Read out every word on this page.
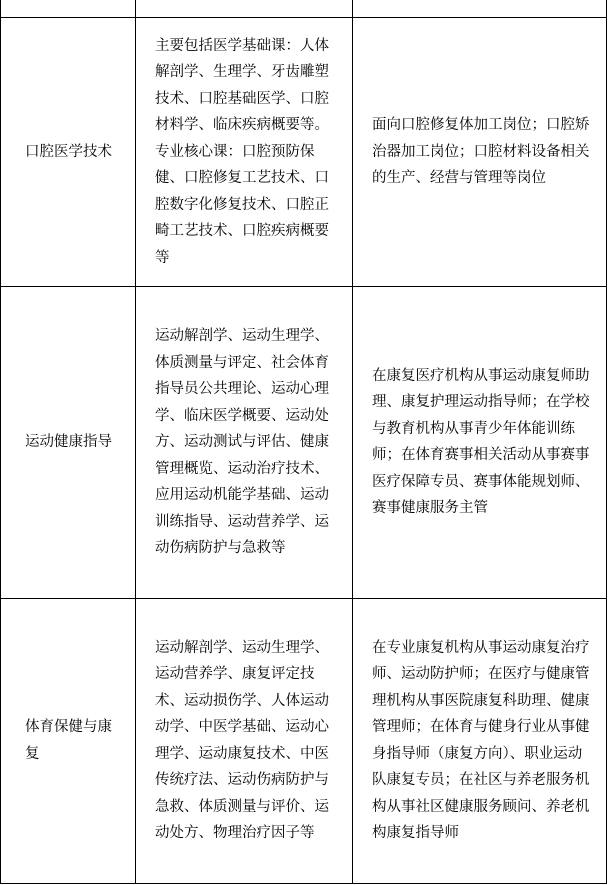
口腔医学技术	主要包括医学基础课：人体解剖学、生理学、牙齿雕塑技术、口腔基础医学、口腔材料学、临床疾病概要等。专业核心课：口腔预防保健、口腔修复工艺技术、口腔数字化修复技术、口腔正畸工艺技术、口腔疾病概要等	面向口腔修复体加工岗位；口腔矫治器加工岗位；口腔材料设备相关的生产、经营与管理等岗位
运动健康指导	运动解剖学、运动生理学、体质测量与评定、社会体育指导员公共理论、运动心理学、临床医学概要、运动处方、运动测试与评估、健康管理概览、运动治疗技术、应用运动机能学基础、运动训练指导、运动营养学、运动伤病防护与急救等	在康复医疗机构从事运动康复师助理、康复护理运动指导师；在学校与教育机构从事青少年体能训练师；在体育赛事相关活动从事赛事医疗保障专员、赛事体能规划师、赛事健康服务主管
体育保健与康复	运动解剖学、运动生理学、运动营养学、康复评定技术、运动损伤学、人体运动动学、中医学基础、运动心理学、运动康复技术、中医传统疗法、运动伤病防护与急救、体质测量与评价、运动处方、物理治疗因子等	在专业康复机构从事运动康复治疗师、运动防护师；在医疗与健康管理机构从事医院康复科助理、健康管理师；在体育与健身行业从事健身指导师（康复方向）、职业运动队康复专员；在社区与养老服务机构从事社区健康服务顾问、养老机构康复指导师
